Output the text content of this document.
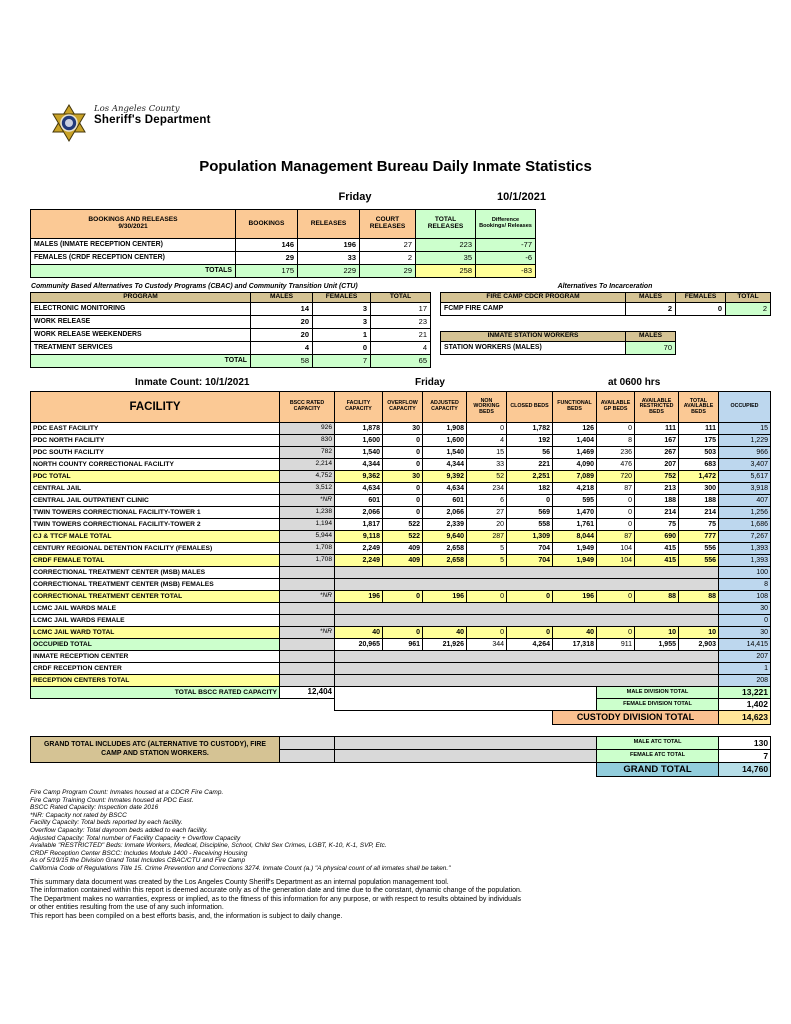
Los Angeles County
Sheriff's Department
Population Management Bureau Daily Inmate Statistics
Friday	10/1/2021
BOOKINGS AND RELEASES
9/30/2021	BOOKINGS	RELEASES	COURT RELEASES	TOTAL RELEASES	Difference Bookings/ Releases
MALES (INMATE RECEPTION CENTER)	146	196	27	223	-77
FEMALES (CRDF RECEPTION CENTER)	29	33	2	35	-6
TOTALS	175	229	29	258	-83
Community Based Alternatives To Custody Programs (CBAC) and Community Transition Unit (CTU)
PROGRAM	MALES	FEMALES	TOTAL
ELECTRONIC MONITORING	14	3	17
WORK RELEASE	20	3	23
WORK RELEASE WEEKENDERS	20	1	21
TREATMENT SERVICES	4	0	4
TOTAL	58	7	65
Alternatives To Incarceration
FIRE CAMP CDCR PROGRAM	MALES	FEMALES	TOTAL
FCMP FIRE CAMP	2	0	2
INMATE STATION WORKERS	MALES
STATION WORKERS (MALES)	70
Inmate Count: 10/1/2021	Friday	at 0600 hrs
FACILITY	BSCC RATED CAPACITY	FACILITY CAPACITY	OVERFLOW CAPACITY	ADJUSTED CAPACITY	NON WORKING BEDS	CLOSED BEDS	FUNCTIONAL BEDS	AVAILABLE GP BEDS	AVAILABLE RESTRICTED BEDS	TOTAL AVAILABLE BEDS	OCCUPIED
PDC EAST FACILITY	926	1,878	30	1,908	0	1,782	126	0	111	111	15
PDC NORTH FACILITY	830	1,600	0	1,600	4	192	1,404	8	167	175	1,229
PDC SOUTH FACILITY	782	1,540	0	1,540	15	56	1,469	236	267	503	966
NORTH COUNTY CORRECTIONAL FACILITY	2,214	4,344	0	4,344	33	221	4,090	476	207	683	3,407
PDC TOTAL	4,752	9,362	30	9,392	52	2,251	7,089	720	752	1,472	5,617
CENTRAL JAIL	3,512	4,634	0	4,634	234	182	4,218	87	213	300	3,918
CENTRAL JAIL OUTPATIENT CLINIC	*NR	601	0	601	6	0	595	0	188	188	407
TWIN TOWERS CORRECTIONAL FACILITY-TOWER 1	1,238	2,066	0	2,066	27	569	1,470	0	214	214	1,256
TWIN TOWERS CORRECTIONAL FACILITY-TOWER 2	1,194	1,817	522	2,339	20	558	1,761	0	75	75	1,686
CJ & TTCF MALE TOTAL	5,944	9,118	522	9,640	287	1,309	8,044	87	690	777	7,267
CENTURY REGIONAL DETENTION FACILITY (FEMALES)	1,708	2,249	409	2,658	5	704	1,949	104	415	556	1,393
CRDF FEMALE TOTAL	1,708	2,249	409	2,658	5	704	1,949	104	415	556	1,393
CORRECTIONAL TREATMENT CENTER (MSB) MALES											100
CORRECTIONAL TREATMENT CENTER (MSB) FEMALES											8
CORRECTIONAL TREATMENT CENTER TOTAL	*NR	196	0	196	0	0	196	0	88	88	108
LCMC JAIL WARDS MALE											30
LCMC JAIL WARDS FEMALE											0
LCMC JAIL WARD TOTAL	*NR	40	0	40	0	0	40	0	10	10	30
OCCUPIED TOTAL		20,965	961	21,926	344	4,264	17,318	911	1,955	2,903	14,415
INMATE RECEPTION CENTER											207
CRDF RECEPTION CENTER											1
RECEPTION CENTERS TOTAL											208
TOTAL BSCC RATED CAPACITY	12,404							MALE DIVISION TOTAL			13,221
								FEMALE DIVISION TOTAL			1,402
							CUSTODY DIVISION TOTAL				14,623
GRAND TOTAL INCLUDES ATC (ALTERNATIVE TO CUSTODY), FIRE CAMP AND STATION WORKERS.			MALE ATC TOTAL	130
			FEMALE ATC TOTAL	7
			GRAND TOTAL	14,760
Fire Camp Program Count: Inmates housed at a CDCR Fire Camp.
Fire Camp Training Count: Inmates housed at PDC East.
BSCC Rated Capacity: Inspection date 2016
*NR: Capacity not rated by BSCC
Facility Capacity: Total beds reported by each facility.
Overflow Capacity: Total dayroom beds added to each facility.
Adjusted Capacity: Total number of Facility Capacity + Overflow Capacity
Available "RESTRICTED" Beds: Inmate Workers, Medical, Discipline, School, Child Sex Crimes, LGBT, K-10, K-1, SVP, Etc.
CRDF Reception Center BSCC: Includes Module 1400 - Receiving Housing
As of 5/19/15 the Division Grand Total Includes CBAC/CTU and Fire Camp
California Code of Regulations Title 15. Crime Prevention and Corrections 3274. Inmate Count (a.) "A physical count of all inmates shall be taken."
This summary data document was created by the Los Angeles County Sheriff's Department as an internal population management tool.
The information contained within this report is deemed accurate only as of the generation date and time due to the constant, dynamic change of the population.
The Department makes no warranties, express or implied, as to the fitness of this information for any purpose, or with respect to results obtained by individuals
or other entities resulting from the use of any such information.
This report has been compiled on a best efforts basis, and, the information is subject to daily change.
